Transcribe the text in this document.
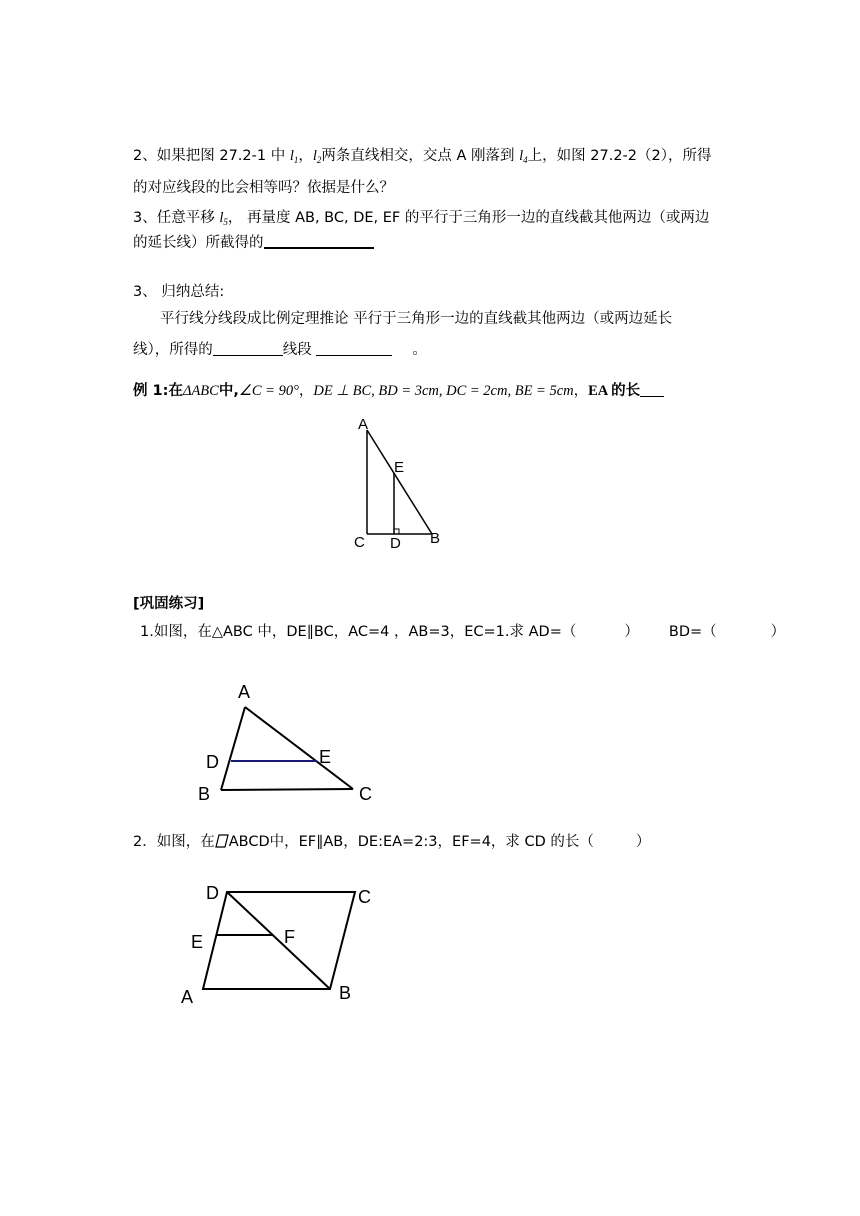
2、如果把图 27.2-1 中 $l_1$，$l_2$两条直线相交，交点 A 刚落到 $l_4$上，如图 27.2-2（2），所得
的对应线段的比会相等吗？依据是什么？
3、任意平移 $l_5$， 再量度 AB, BC, DE, EF 的平行于三角形一边的直线截其他两边（或两边
的延长线）所截得的
3、 归纳总结:
平行线分线段成比例定理推论 平行于三角形一边的直线截其他两边（或两边延长
线），所得的	线段	。
例 1:在ΔABC中,∠C = 90°，DE ⊥ BC, BD = 3cm, DC = 2cm, BE = 5cm，EA 的长
A
E
C D B
[巩固练习]
1.如图，在△ABC 中，DE∥BC，AC=4 ，AB=3，EC=1.求 AD=（	） BD=（	）
A
D	E
B	C
2．如图，在 ABCD中，EF∥AB，DE:EA=2:3，EF=4，求 CD 的长（	）
D	C
E	F
A	B
